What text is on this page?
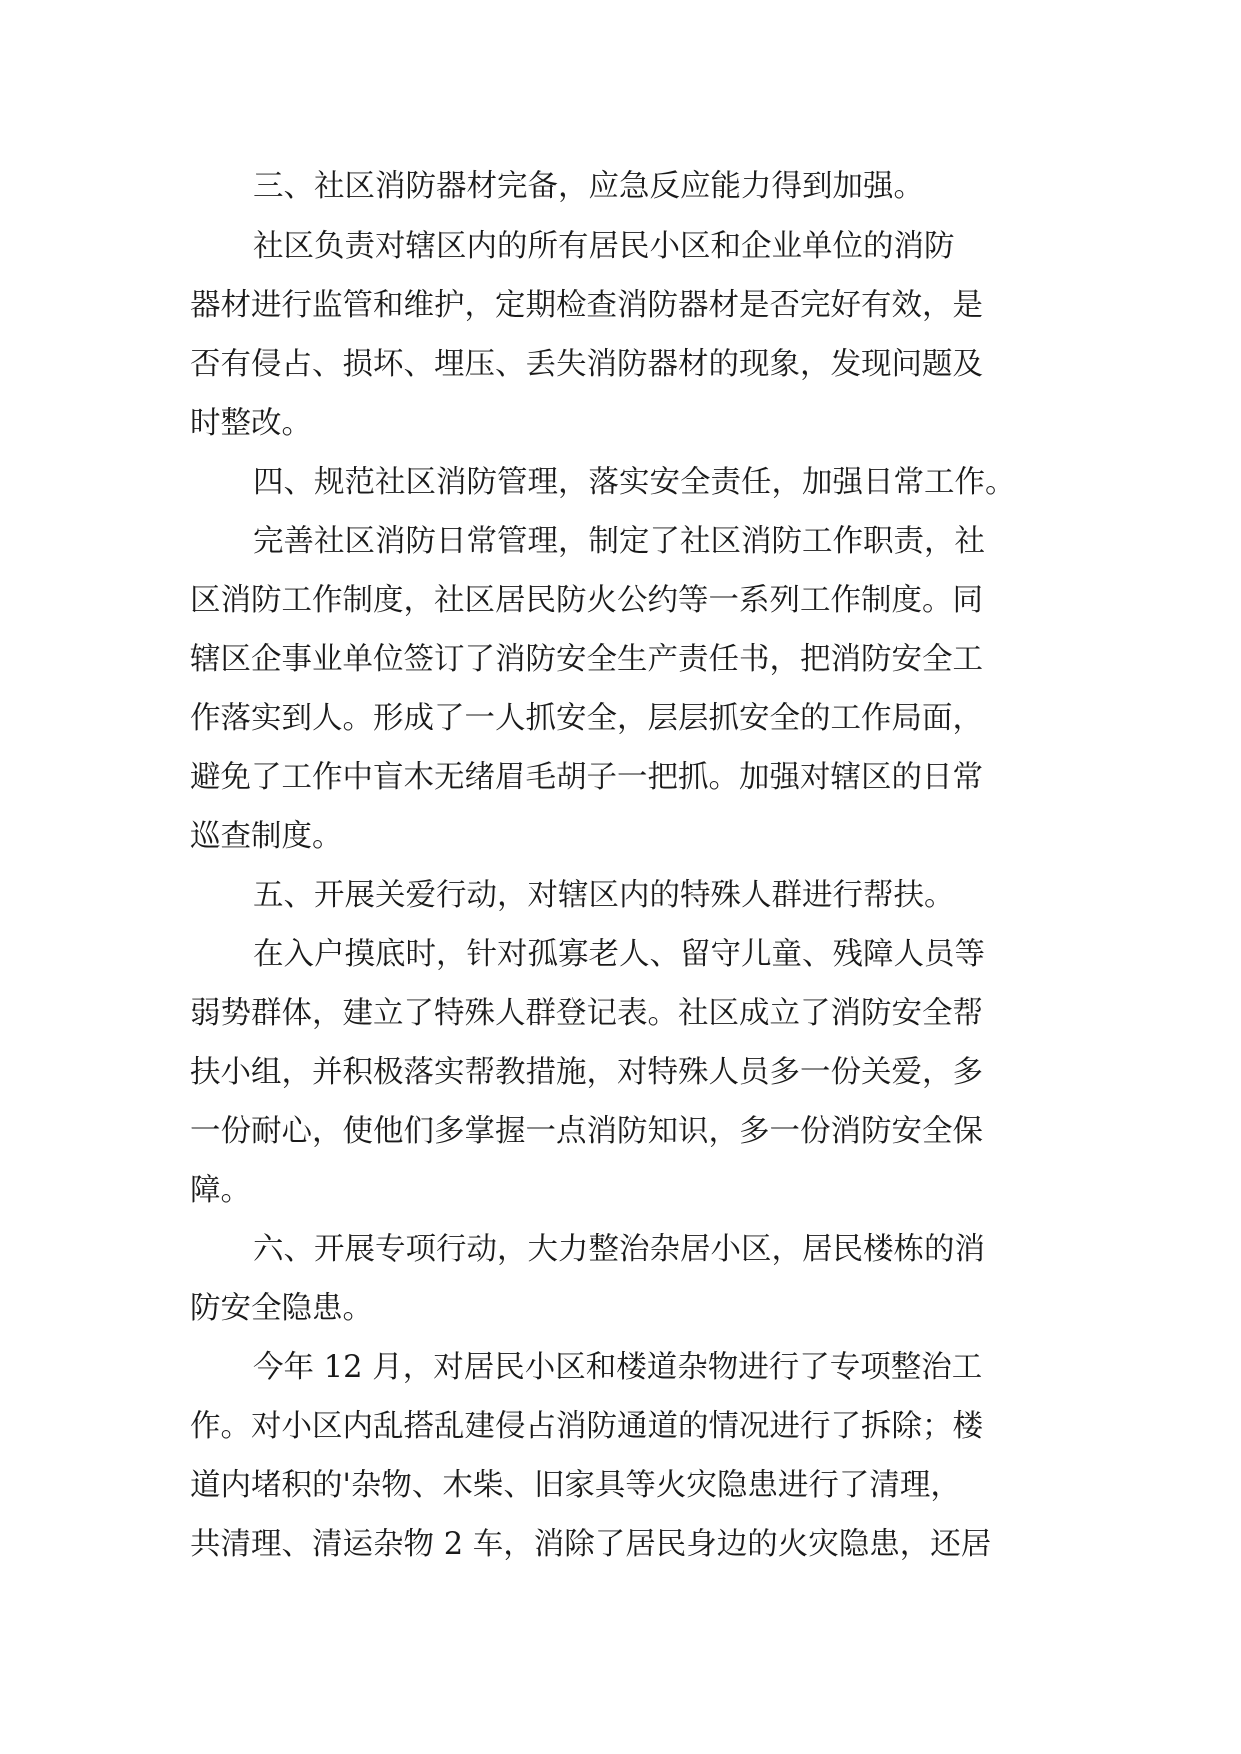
三、社区消防器材完备，应急反应能力得到加强。

社区负责对辖区内的所有居民小区和企业单位的消防

器材进行监管和维护，定期检查消防器材是否完好有效，是

否有侵占、损坏、埋压、丢失消防器材的现象，发现问题及

时整改。

四、规范社区消防管理，落实安全责任，加强日常工作。

完善社区消防日常管理，制定了社区消防工作职责，社

区消防工作制度，社区居民防火公约等一系列工作制度。同

辖区企事业单位签订了消防安全生产责任书，把消防安全工

作落实到人。形成了一人抓安全，层层抓安全的工作局面，

避免了工作中盲木无绪眉毛胡子一把抓。加强对辖区的日常

巡查制度。

五、开展关爱行动，对辖区内的特殊人群进行帮扶。

在入户摸底时，针对孤寡老人、留守儿童、残障人员等

弱势群体，建立了特殊人群登记表。社区成立了消防安全帮

扶小组，并积极落实帮教措施，对特殊人员多一份关爱，多

一份耐心，使他们多掌握一点消防知识，多一份消防安全保

障。

六、开展专项行动，大力整治杂居小区，居民楼栋的消

防安全隐患。

今年 12 月，对居民小区和楼道杂物进行了专项整治工

作。对小区内乱搭乱建侵占消防通道的情况进行了拆除；楼

道内堵积的'杂物、木柴、旧家具等火灾隐患进行了清理，

共清理、清运杂物 2 车，消除了居民身边的火灾隐患，还居
